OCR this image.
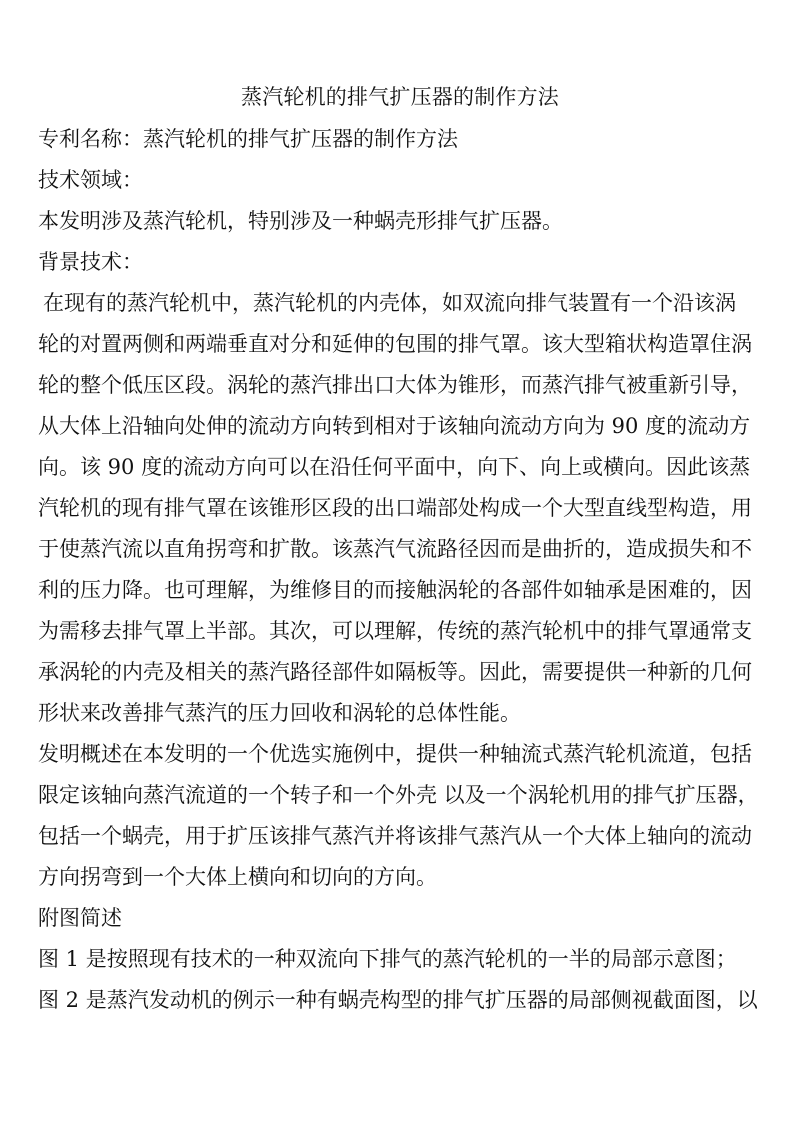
蒸汽轮机的排气扩压器的制作方法
专利名称：蒸汽轮机的排气扩压器的制作方法
技术领域：
本发明涉及蒸汽轮机，特别涉及一种蜗壳形排气扩压器。
背景技术：
在现有的蒸汽轮机中，蒸汽轮机的内壳体，如双流向排气装置有一个沿该涡
轮的对置两侧和两端垂直对分和延伸的包围的排气罩。该大型箱状构造罩住涡
轮的整个低压区段。涡轮的蒸汽排出口大体为锥形，而蒸汽排气被重新引导，
从大体上沿轴向处伸的流动方向转到相对于该轴向流动方向为 90 度的流动方
向。该 90 度的流动方向可以在沿任何平面中，向下、向上或横向。因此该蒸
汽轮机的现有排气罩在该锥形区段的出口端部处构成一个大型直线型构造，用
于使蒸汽流以直角拐弯和扩散。该蒸汽气流路径因而是曲折的，造成损失和不
利的压力降。也可理解，为维修目的而接触涡轮的各部件如轴承是困难的，因
为需移去排气罩上半部。其次，可以理解，传统的蒸汽轮机中的排气罩通常支
承涡轮的内壳及相关的蒸汽路径部件如隔板等。因此，需要提供一种新的几何
形状来改善排气蒸汽的压力回收和涡轮的总体性能。
发明概述在本发明的一个优选实施例中，提供一种轴流式蒸汽轮机流道，包括
限定该轴向蒸汽流道的一个转子和一个外壳 以及一个涡轮机用的排气扩压器，
包括一个蜗壳，用于扩压该排气蒸汽并将该排气蒸汽从一个大体上轴向的流动
方向拐弯到一个大体上横向和切向的方向。
附图简述
图 1 是按照现有技术的一种双流向下排气的蒸汽轮机的一半的局部示意图；
图 2 是蒸汽发动机的例示一种有蜗壳构型的排气扩压器的局部侧视截面图，以
